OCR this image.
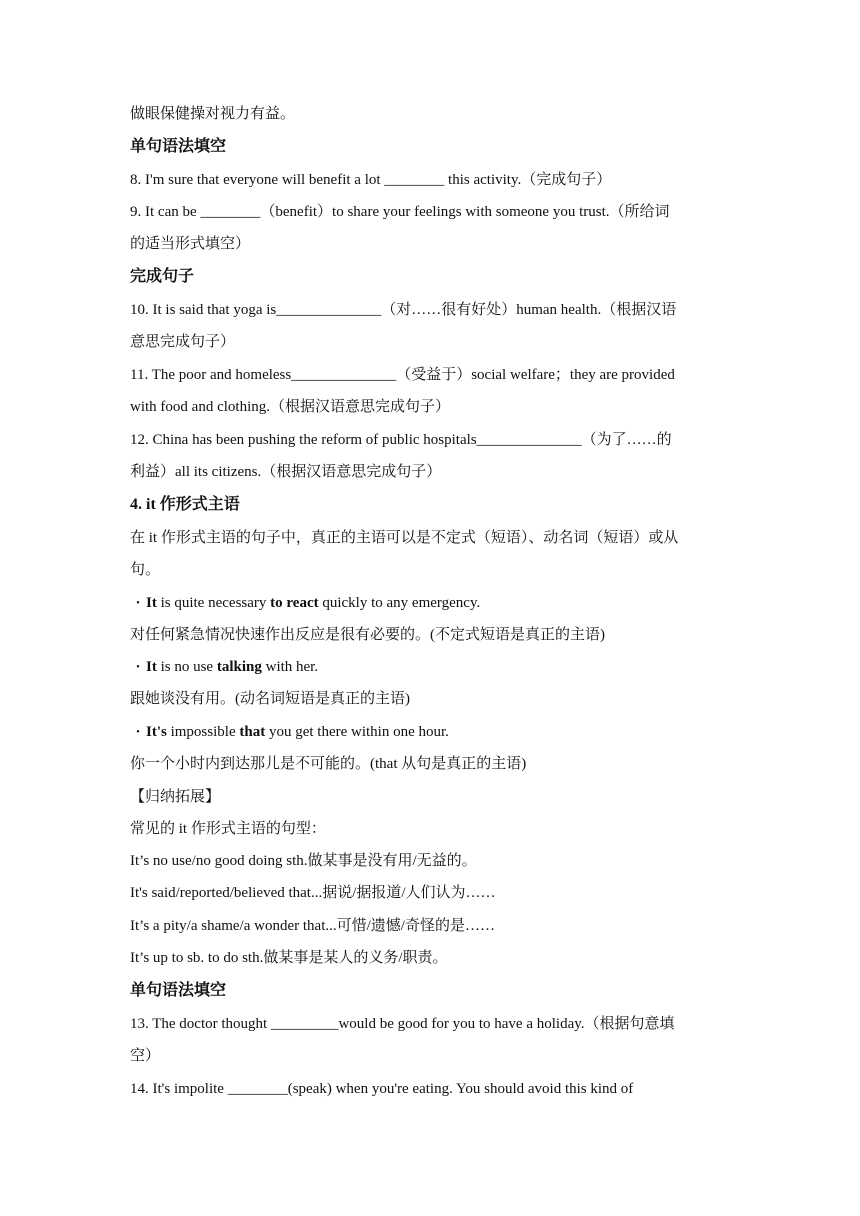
做眼保健操对视力有益。
单句语法填空
8. I'm sure that everyone will benefit a lot ________ this activity.（完成句子）
9. It can be ________（benefit）to share your feelings with someone you trust.（所给词
的适当形式填空）
完成句子
10. It is said that yoga is______________（对……很有好处）human health.（根据汉语
意思完成句子）
11. The poor and homeless______________（受益于）social welfare；they are provided
with food and clothing.（根据汉语意思完成句子）
12. China has been pushing the reform of public hospitals______________（为了……的
利益）all its citizens.（根据汉语意思完成句子）
4. it 作形式主语
在 it 作形式主语的句子中，真正的主语可以是不定式（短语）、动名词（短语）或从
句。
• It is quite necessary to react quickly to any emergency.
对任何紧急情况快速作出反应是很有必要的。(不定式短语是真正的主语)
• It is no use talking with her.
跟她谈没有用。(动名词短语是真正的主语)
• It's impossible that you get there within one hour.
你一个小时内到达那儿是不可能的。(that 从句是真正的主语)
【归纳拓展】
常见的 it 作形式主语的句型：
It’s no use/no good doing sth.做某事是没有用/无益的。
It's said/reported/believed that...据说/据报道/人们认为……
It’s a pity/a shame/a wonder that...可惜/遗憾/奇怪的是……
It’s up to sb. to do sth.做某事是某人的义务/职责。
单句语法填空
13. The doctor thought _________would be good for you to have a holiday.（根据句意填
空）
14. It's impolite ________(speak) when you're eating. You should avoid this kind of
